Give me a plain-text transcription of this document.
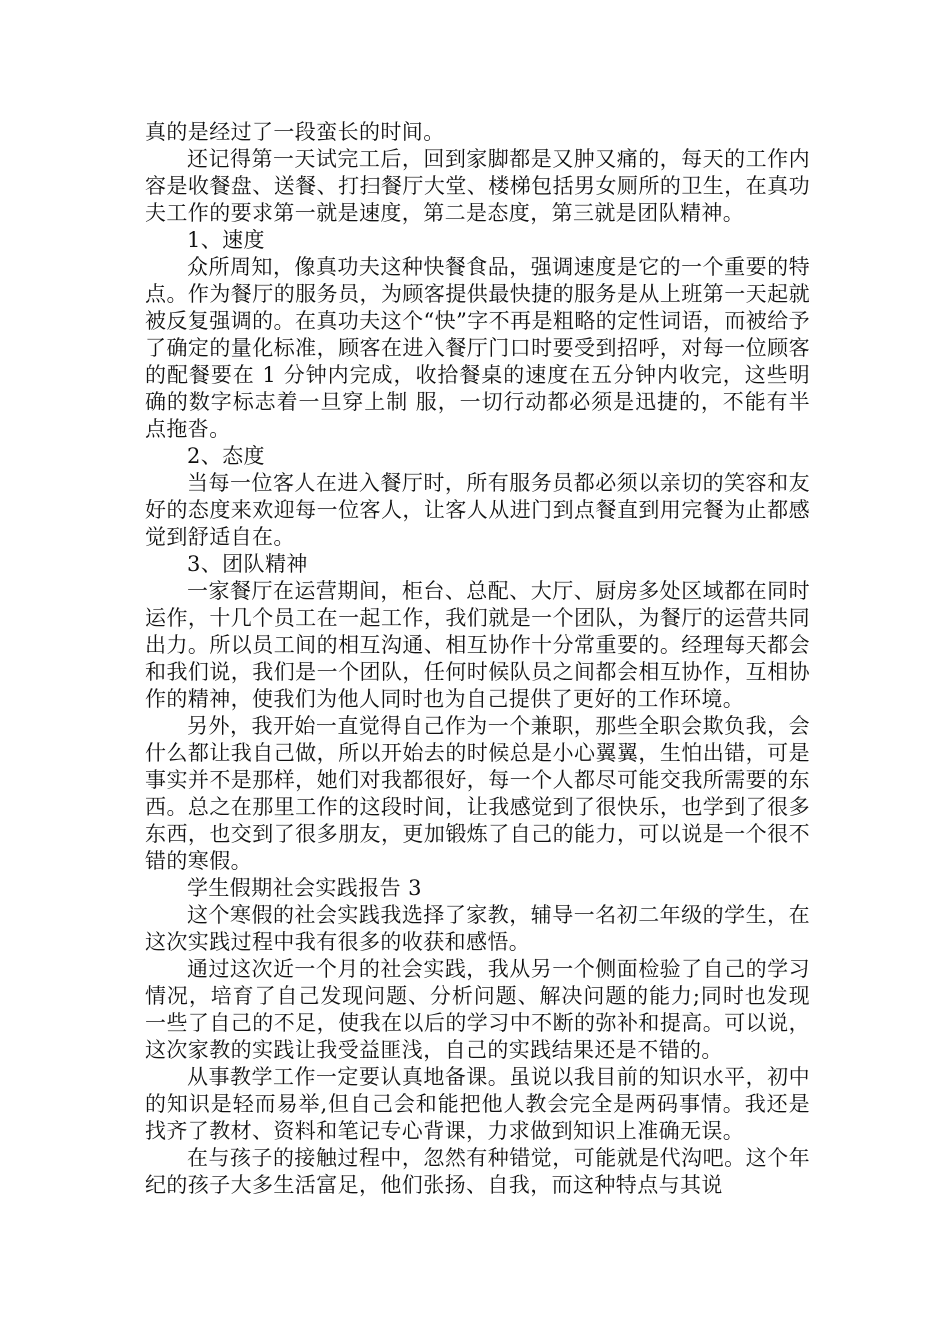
真的是经过了一段蛮长的时间。

还记得第一天试完工后，回到家脚都是又肿又痛的，每天的工作内容是收餐盘、送餐、打扫餐厅大堂、楼梯包括男女厕所的卫生，在真功夫工作的要求第一就是速度，第二是态度，第三就是团队精神。

1、速度

众所周知，像真功夫这种快餐食品，强调速度是它的一个重要的特点。作为餐厅的服务员，为顾客提供最快捷的服务是从上班第一天起就被反复强调的。在真功夫这个“快”字不再是粗略的定性词语，而被给予了确定的量化标准，顾客在进入餐厅门口时要受到招呼，对每一位顾客的配餐要在 1 分钟内完成，收拾餐桌的速度在五分钟内收完，这些明确的数字标志着一旦穿上制 服，一切行动都必须是迅捷的，不能有半点拖沓。

2、态度

当每一位客人在进入餐厅时，所有服务员都必须以亲切的笑容和友好的态度来欢迎每一位客人，让客人从进门到点餐直到用完餐为止都感觉到舒适自在。

3、团队精神

一家餐厅在运营期间，柜台、总配、大厅、厨房多处区域都在同时运作，十几个员工在一起工作，我们就是一个团队，为餐厅的运营共同出力。所以员工间的相互沟通、相互协作十分常重要的。经理每天都会和我们说，我们是一个团队，任何时候队员之间都会相互协作，互相协作的精神，使我们为他人同时也为自己提供了更好的工作环境。

另外，我开始一直觉得自己作为一个兼职，那些全职会欺负我，会什么都让我自己做，所以开始去的时候总是小心翼翼，生怕出错，可是事实并不是那样，她们对我都很好，每一个人都尽可能交我所需要的东西。总之在那里工作的这段时间，让我感觉到了很快乐，也学到了很多东西，也交到了很多朋友，更加锻炼了自己的能力，可以说是一个很不错的寒假。

学生假期社会实践报告 3

这个寒假的社会实践我选择了家教，辅导一名初二年级的学生，在这次实践过程中我有很多的收获和感悟。

通过这次近一个月的社会实践，我从另一个侧面检验了自己的学习情况，培育了自己发现问题、分析问题、解决问题的能力;同时也发现一些了自己的不足，使我在以后的学习中不断的弥补和提高。可以说，这次家教的实践让我受益匪浅，自己的实践结果还是不错的。

从事教学工作一定要认真地备课。虽说以我目前的知识水平，初中的知识是轻而易举,但自己会和能把他人教会完全是两码事情。我还是找齐了教材、资料和笔记专心背课，力求做到知识上准确无误。

在与孩子的接触过程中，忽然有种错觉，可能就是代沟吧。这个年纪的孩子大多生活富足，他们张扬、自我，而这种特点与其说
